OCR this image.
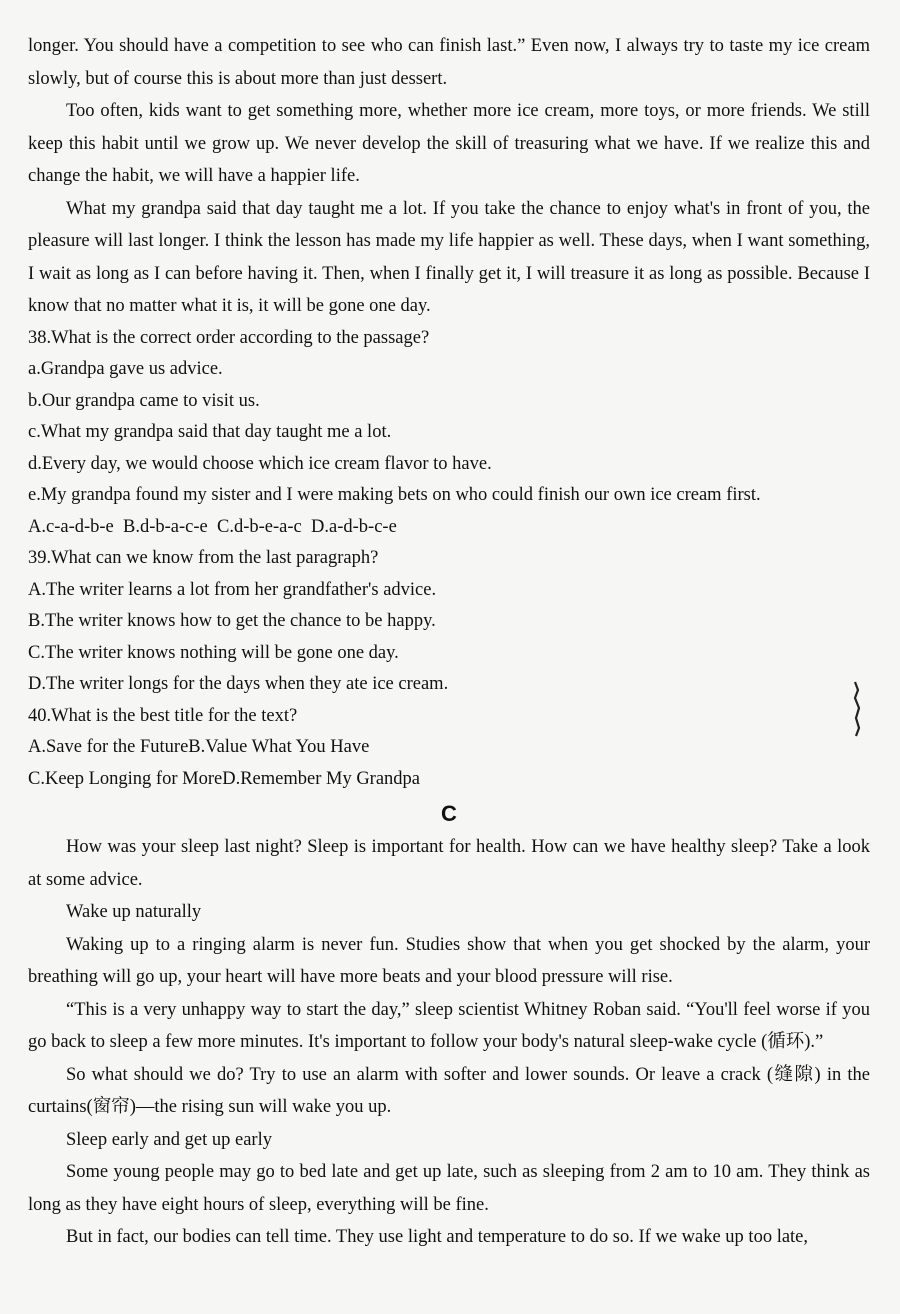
longer. You should have a competition to see who can finish last.” Even now, I always try to taste my ice cream slowly, but of course this is about more than just dessert.

Too often, kids want to get something more, whether more ice cream, more toys, or more friends. We still keep this habit until we grow up. We never develop the skill of treasuring what we have. If we realize this and change the habit, we will have a happier life.

What my grandpa said that day taught me a lot. If you take the chance to enjoy what's in front of you, the pleasure will last longer. I think the lesson has made my life happier as well. These days, when I want something, I wait as long as I can before having it. Then, when I finally get it, I will treasure it as long as possible. Because I know that no matter what it is, it will be gone one day.

38.What is the correct order according to the passage?

a.Grandpa gave us advice.

b.Our grandpa came to visit us.

c.What my grandpa said that day taught me a lot.

d.Every day, we would choose which ice cream flavor to have.

e.My grandpa found my sister and I were making bets on who could finish our own ice cream first.

A.c-a-d-b-e B.d-b-a-c-e C.d-b-e-a-c D.a-d-b-c-e

39.What can we know from the last paragraph?

A.The writer learns a lot from her grandfather's advice.

B.The writer knows how to get the chance to be happy.

C.The writer knows nothing will be gone one day.

D.The writer longs for the days when they ate ice cream.

40.What is the best title for the text?

A.Save for the FutureB.Value What You Have

C.Keep Longing for MoreD.Remember My Grandpa

C

How was your sleep last night? Sleep is important for health. How can we have healthy sleep? Take a look at some advice.

Wake up naturally

Waking up to a ringing alarm is never fun. Studies show that when you get shocked by the alarm, your breathing will go up, your heart will have more beats and your blood pressure will rise.

“This is a very unhappy way to start the day,” sleep scientist Whitney Roban said. “You'll feel worse if you go back to sleep a few more minutes. It's important to follow your body's natural sleep-wake cycle (循环).”

So what should we do? Try to use an alarm with softer and lower sounds. Or leave a crack (缝隙) in the curtains(窗帘)—the rising sun will wake you up.

Sleep early and get up early

Some young people may go to bed late and get up late, such as sleeping from 2 am to 10 am. They think as long as they have eight hours of sleep, everything will be fine.

But in fact, our bodies can tell time. They use light and temperature to do so. If we wake up too late,
